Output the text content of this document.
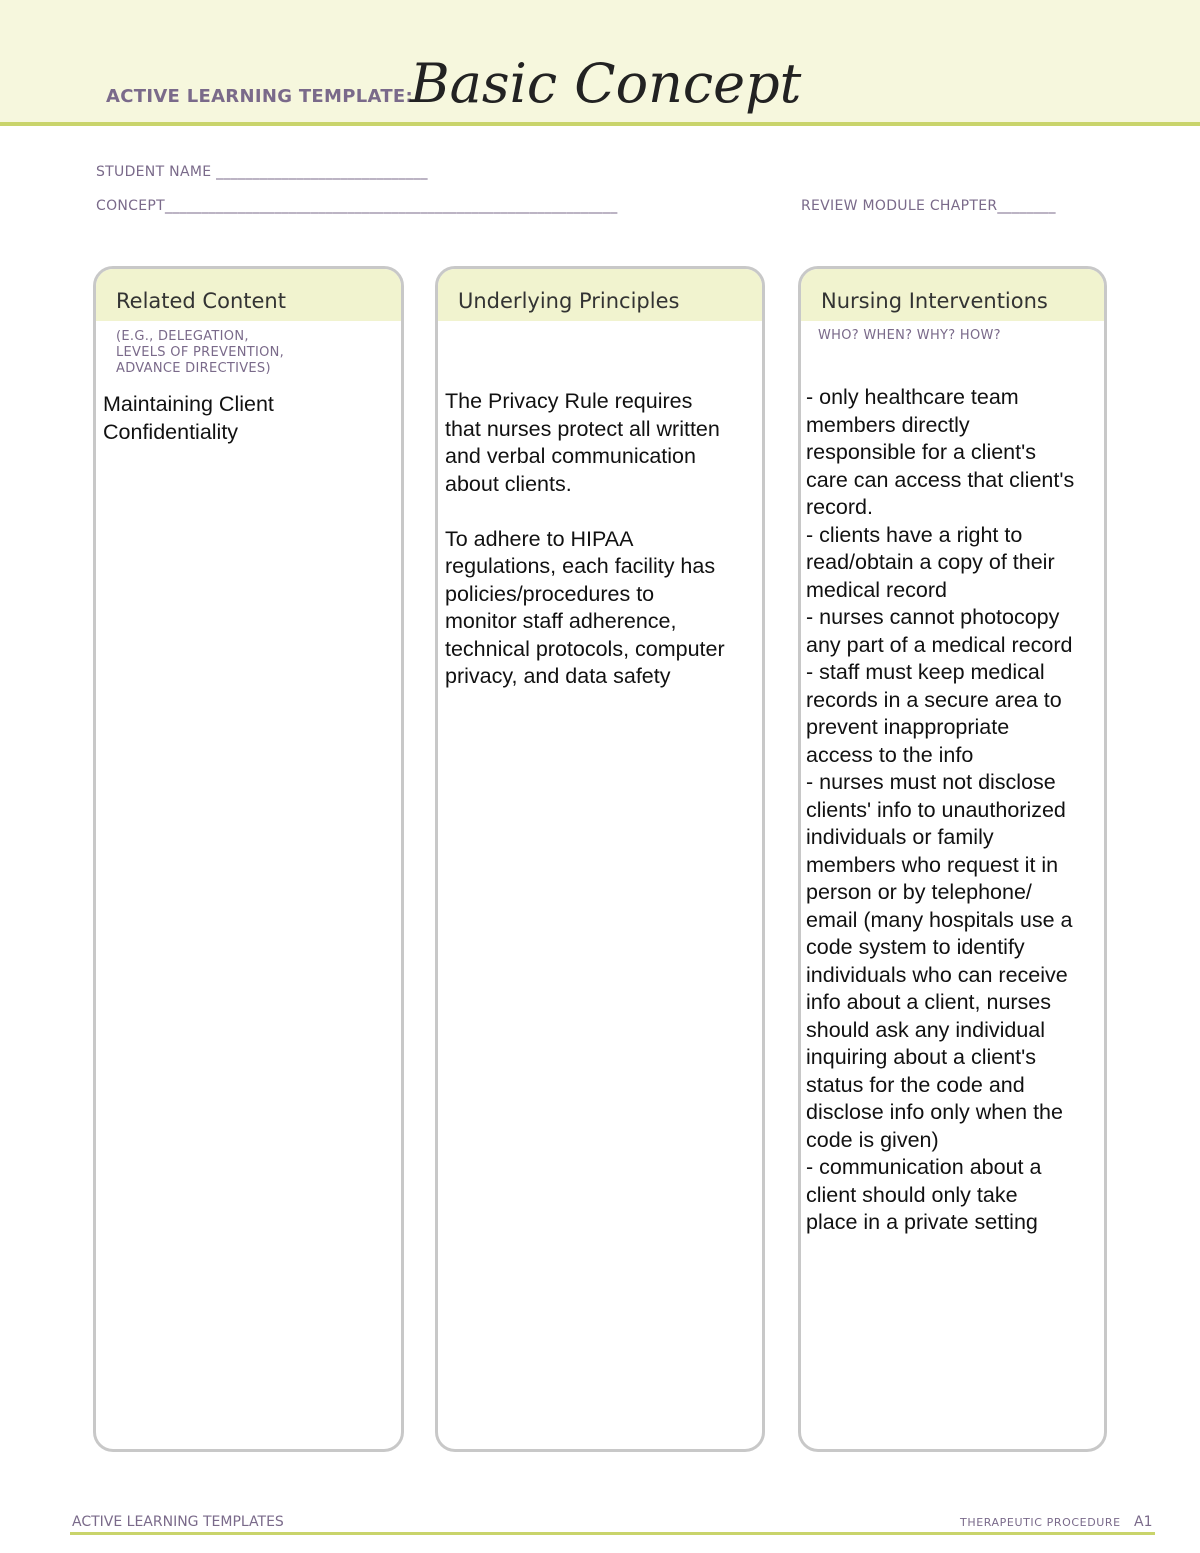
ACTIVE LEARNING TEMPLATE:
Basic Concept
STUDENT NAME _____________________________
CONCEPT______________________________________________________________	REVIEW MODULE CHAPTER________
Related Content
(E.G., DELEGATION,
LEVELS OF PREVENTION,
ADVANCE DIRECTIVES)
Maintaining Client
Confidentiality
Underlying Principles
The Privacy Rule requires
that nurses protect all written
and verbal communication
about clients.

To adhere to HIPAA
regulations, each facility has
policies/procedures to
monitor staff adherence,
technical protocols, computer
privacy, and data safety
Nursing Interventions
WHO? WHEN? WHY? HOW?
- only healthcare team
members directly
responsible for a client's
care can access that client's
record.
- clients have a right to
read/obtain a copy of their
medical record
- nurses cannot photocopy
any part of a medical record
- staff must keep medical
records in a secure area to
prevent inappropriate
access to the info
- nurses must not disclose
clients' info to unauthorized
individuals or family
members who request it in
person or by telephone/
email (many hospitals use a
code system to identify
individuals who can receive
info about a client, nurses
should ask any individual
inquiring about a client's
status for the code and
disclose info only when the
code is given)
- communication about a
client should only take
place in a private setting
ACTIVE LEARNING TEMPLATES	THERAPEUTIC PROCEDURE A1
